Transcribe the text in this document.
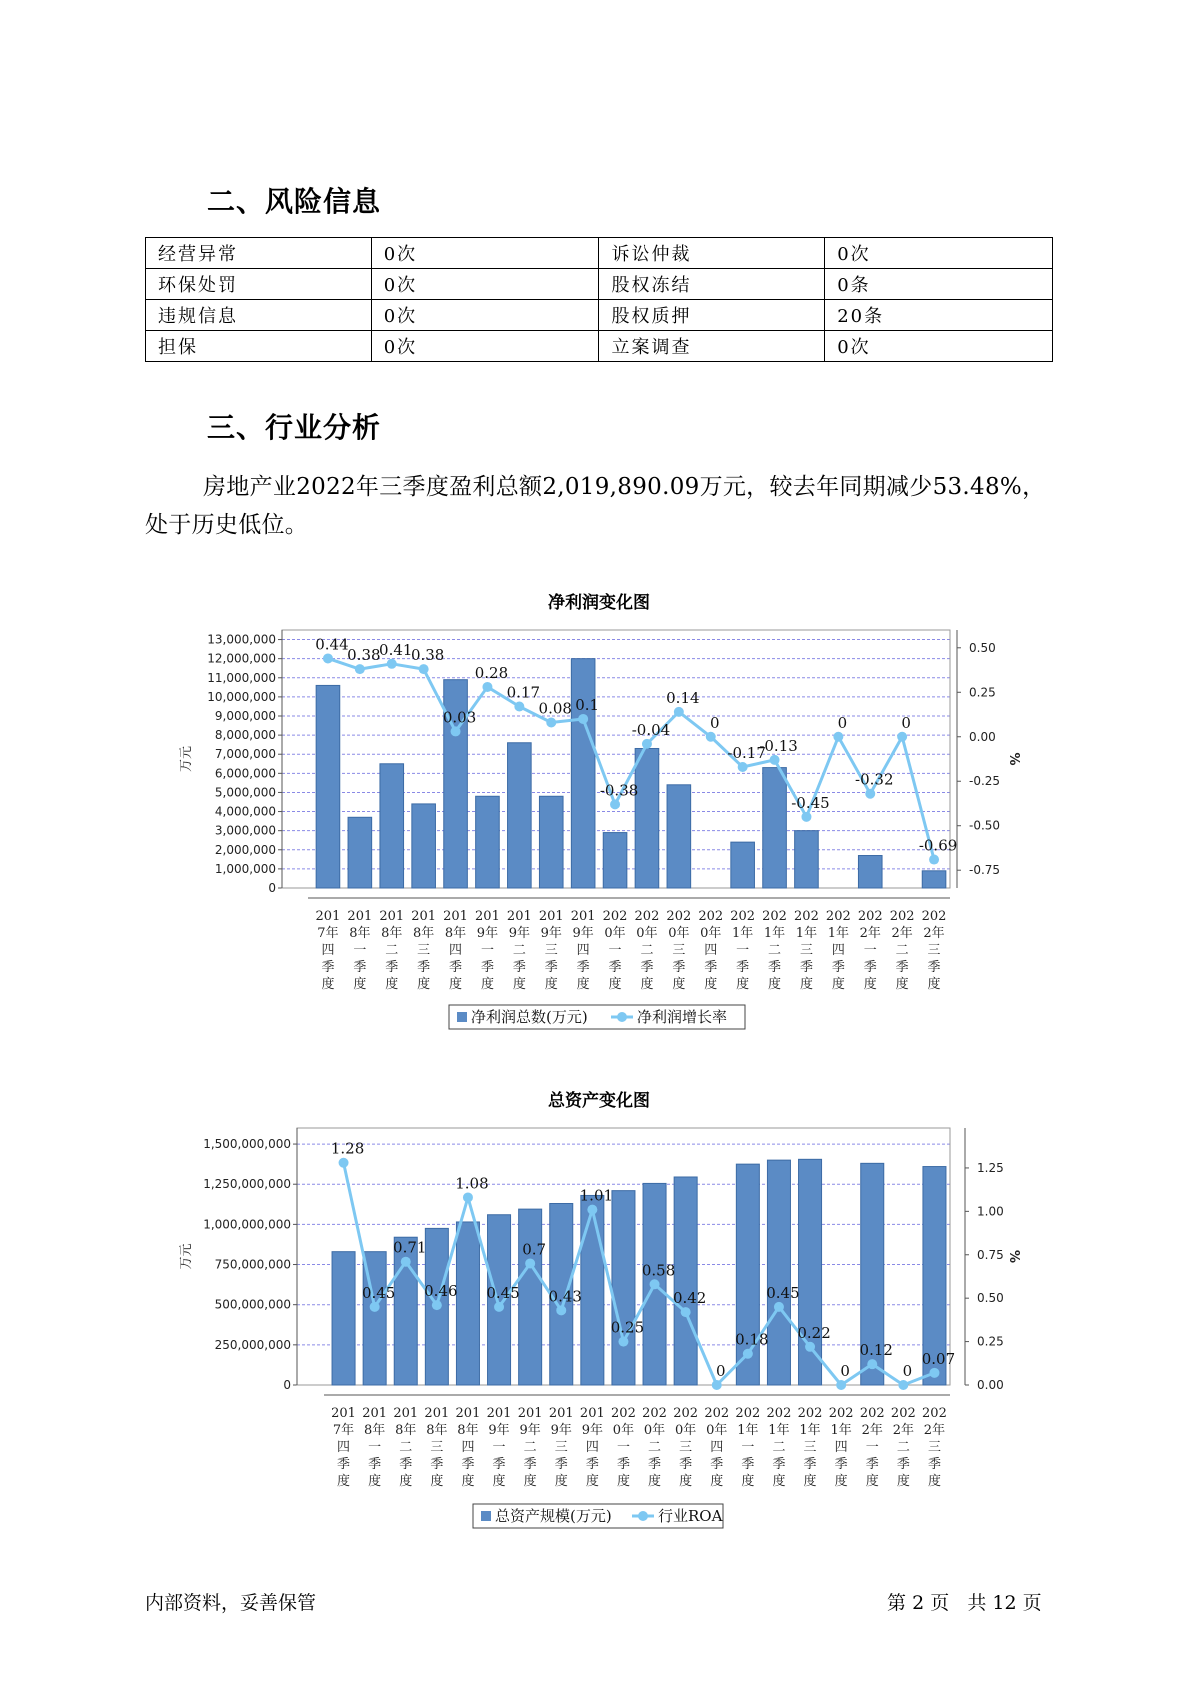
二、风险信息
经营异常	0次	诉讼仲裁	0次
环保处罚	0次	股权冻结	0条
违规信息	0次	股权质押	20条
担保	0次	立案调查	0次
三、行业分析

房地产业2022年三季度盈利总额2,019,890.09万元，较去年同期减少53.48%，处于历史低位。

净利润变化图
0
1,000,000
2,000,000
3,000,000
4,000,000
5,000,000
6,000,000
7,000,000
8,000,000
9,000,000
10,000,000
11,000,000
12,000,000
13,000,000
0.50
0.25
0.00
-0.25
-0.50
-0.75
0.44
0.38
0.41
0.38
0.03
0.28
0.17
0.08 0.1
-0.38
-0.04
0.14
0
-0.17
-0.13
-0.45
0
-0.32
0
-0.69
201
7年
四
季
度
201
8年
一
季
度
201
8年
二
季
度
201
8年
三
季
度
201
8年
四
季
度
201
9年
一
季
度
201
9年
二
季
度
201
9年
三
季
度
201
9年
四
季
度
202
0年
一
季
度
202
0年
二
季
度
202
0年
三
季
度
202
0年
四
季
度
202
1年
一
季
度
202
1年
二
季
度
202
1年
三
季
度
202
1年
四
季
度
202
2年
一
季
度
202
2年
二
季
度
202
2年
三
季
度
万元	%
净利润总数(万元)	净利润增长率
总资产变化图
0
250,000,000
500,000,000
750,000,000
1,000,000,000
1,250,000,000
1,500,000,000
1.25
1.00
0.75
0.50
0.25
0.00
1.28
0.45
0.71
0.46
1.08
0.45
0.7
0.43
1.01
0.25
0.58
0.42
0
0.18
0.45
0.22
0
0.12
0
0.07
201
7年
四
季
度
201
8年
一
季
度
201
8年
二
季
度
201
8年
三
季
度
201
8年
四
季
度
201
9年
一
季
度
201
9年
二
季
度
201
9年
三
季
度
201
9年
四
季
度
202
0年
一
季
度
202
0年
二
季
度
202
0年
三
季
度
202
0年
四
季
度
202
1年
一
季
度
202
1年
二
季
度
202
1年
三
季
度
202
1年
四
季
度
202
2年
一
季
度
202
2年
二
季
度
202
2年
三
季
度
万元	%
总资产规模(万元)	行业ROA
内部资料，妥善保管	第 2 页 共 12 页
